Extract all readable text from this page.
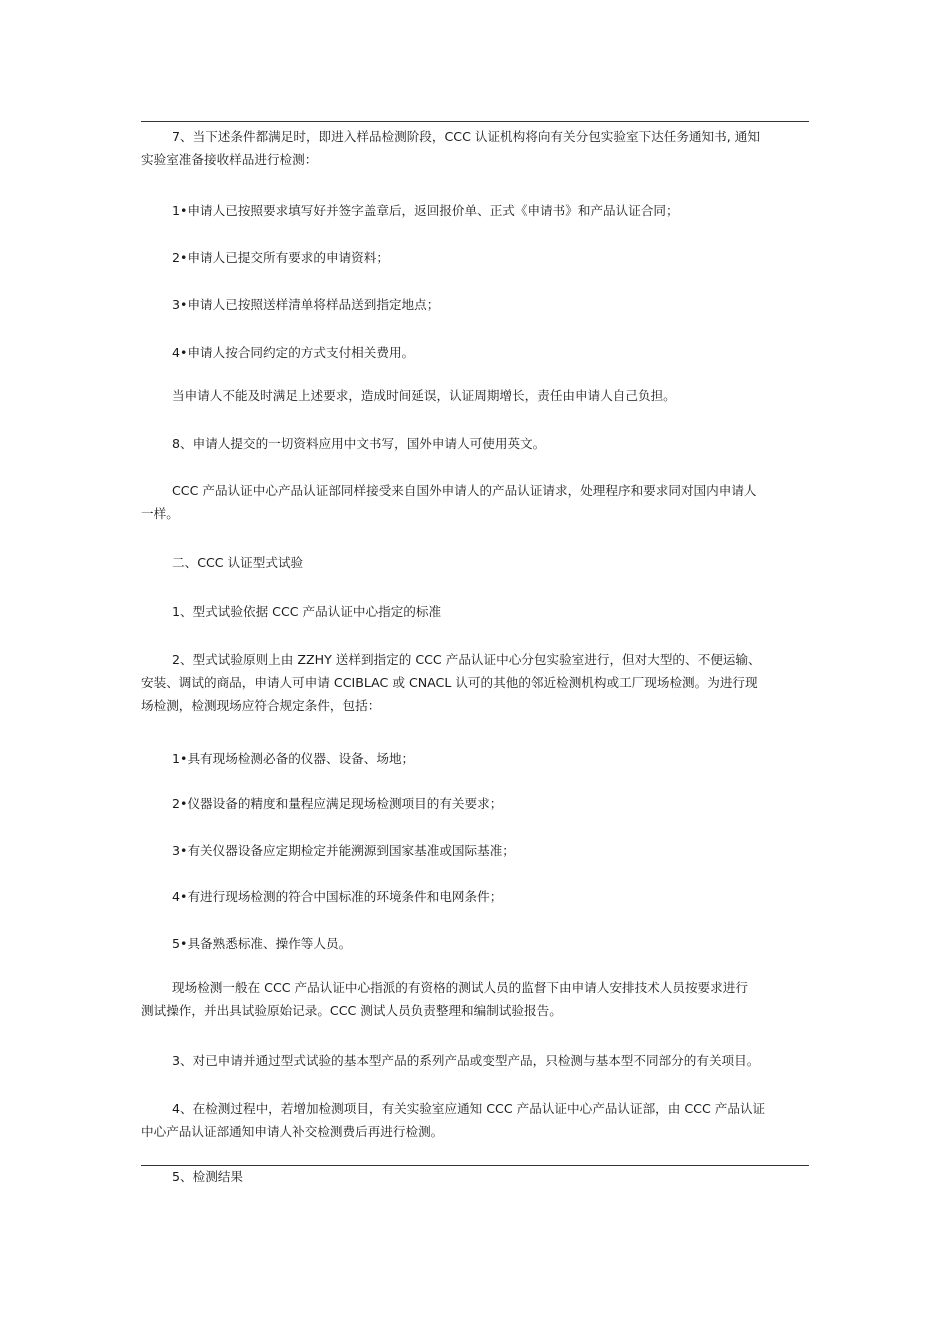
7、当下述条件都满足时，即进入样品检测阶段，CCC 认证机构将向有关分包实验室下达任务通知书, 通知
实验室准备接收样品进行检测：

1•申请人已按照要求填写好并签字盖章后，返回报价单、正式《申请书》和产品认证合同；

2•申请人已提交所有要求的申请资料；

3•申请人已按照送样清单将样品送到指定地点；

4•申请人按合同约定的方式支付相关费用。

当申请人不能及时满足上述要求，造成时间延误，认证周期增长，责任由申请人自己负担。

8、申请人提交的一切资料应用中文书写，国外申请人可使用英文。

CCC 产品认证中心产品认证部同样接受来自国外申请人的产品认证请求，处理程序和要求同对国内申请人
一样。

二、CCC 认证型式试验

1、型式试验依据 CCC 产品认证中心指定的标准

2、型式试验原则上由 ZZHY 送样到指定的 CCC 产品认证中心分包实验室进行，但对大型的、不便运输、
安装、调试的商品，申请人可申请 CCIBLAC 或 CNACL 认可的其他的邻近检测机构或工厂现场检测。为进行现
场检测，检测现场应符合规定条件，包括：

1•具有现场检测必备的仪器、设备、场地；

2•仪器设备的精度和量程应满足现场检测项目的有关要求；

3•有关仪器设备应定期检定并能溯源到国家基准或国际基准；

4•有进行现场检测的符合中国标准的环境条件和电网条件；

5•具备熟悉标准、操作等人员。

现场检测一般在 CCC 产品认证中心指派的有资格的测试人员的监督下由申请人安排技术人员按要求进行
测试操作，并出具试验原始记录。CCC 测试人员负责整理和编制试验报告。

3、对已申请并通过型式试验的基本型产品的系列产品或变型产品，只检测与基本型不同部分的有关项目。

4、在检测过程中，若增加检测项目，有关实验室应通知 CCC 产品认证中心产品认证部，由 CCC 产品认证
中心产品认证部通知申请人补交检测费后再进行检测。

5、检测结果
